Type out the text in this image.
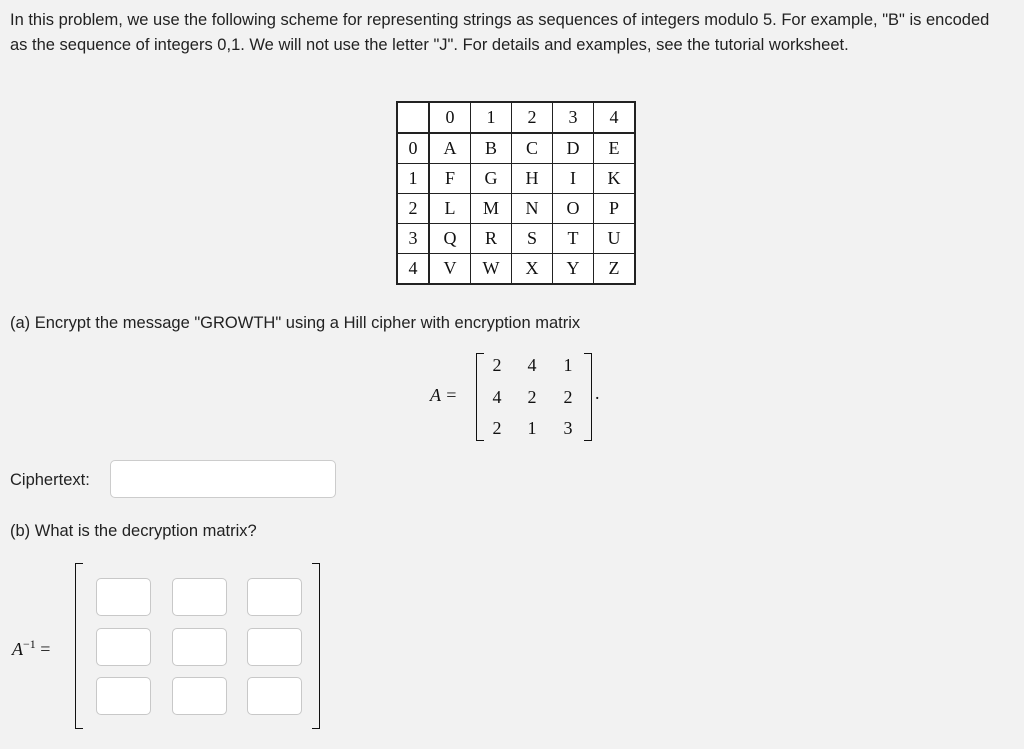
In this problem, we use the following scheme for representing strings as sequences of integers modulo 5. For example, "B" is encoded as the sequence of integers 0,1. We will not use the letter "J". For details and examples, see the tutorial worksheet.
	0	1	2	3	4
0	A	B	C	D	E
1	F	G	H	I	K
2	L	M	N	O	P
3	Q	R	S	T	U
4	V	W	X	Y	Z
(a) Encrypt the message "GROWTH" using a Hill cipher with encryption matrix
A =
2	4	1
4	2	2
2	1	3
.
Ciphertext:
(b) What is the decryption matrix?
$A^{-1}$ =
